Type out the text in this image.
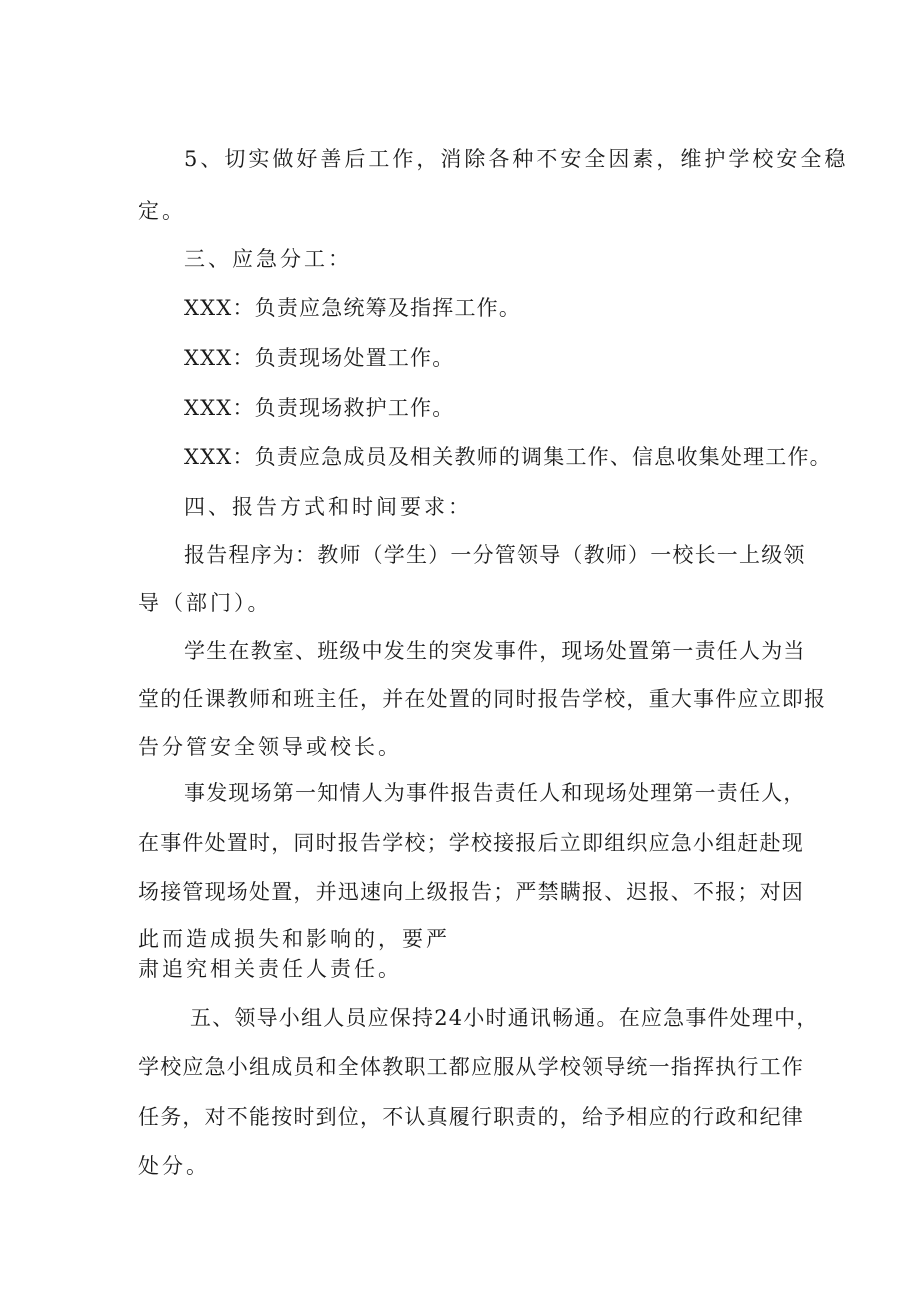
5、切实做好善后工作，消除各种不安全因素，维护学校安全稳
定。
三、应急分工：
XXX：负责应急统筹及指挥工作。
XXX：负责现场处置工作。
XXX：负责现场救护工作。
XXX：负责应急成员及相关教师的调集工作、信息收集处理工作。
四、报告方式和时间要求：
报告程序为：教师（学生）一分管领导（教师）一校长一上级领
导（部门）。
学生在教室、班级中发生的突发事件，现场处置第一责任人为当
堂的任课教师和班主任，并在处置的同时报告学校，重大事件应立即报
告分管安全领导或校长。
事发现场第一知情人为事件报告责任人和现场处理第一责任人，
在事件处置时，同时报告学校；学校接报后立即组织应急小组赶赴现
场接管现场处置，并迅速向上级报告；严禁瞒报、迟报、不报；对因
此而造成损失和影响的，要严
肃追究相关责任人责任。
五、领导小组人员应保持24小时通讯畅通。在应急事件处理中，
学校应急小组成员和全体教职工都应服从学校领导统一指挥执行工作
任务，对不能按时到位，不认真履行职责的，给予相应的行政和纪律
处分。
